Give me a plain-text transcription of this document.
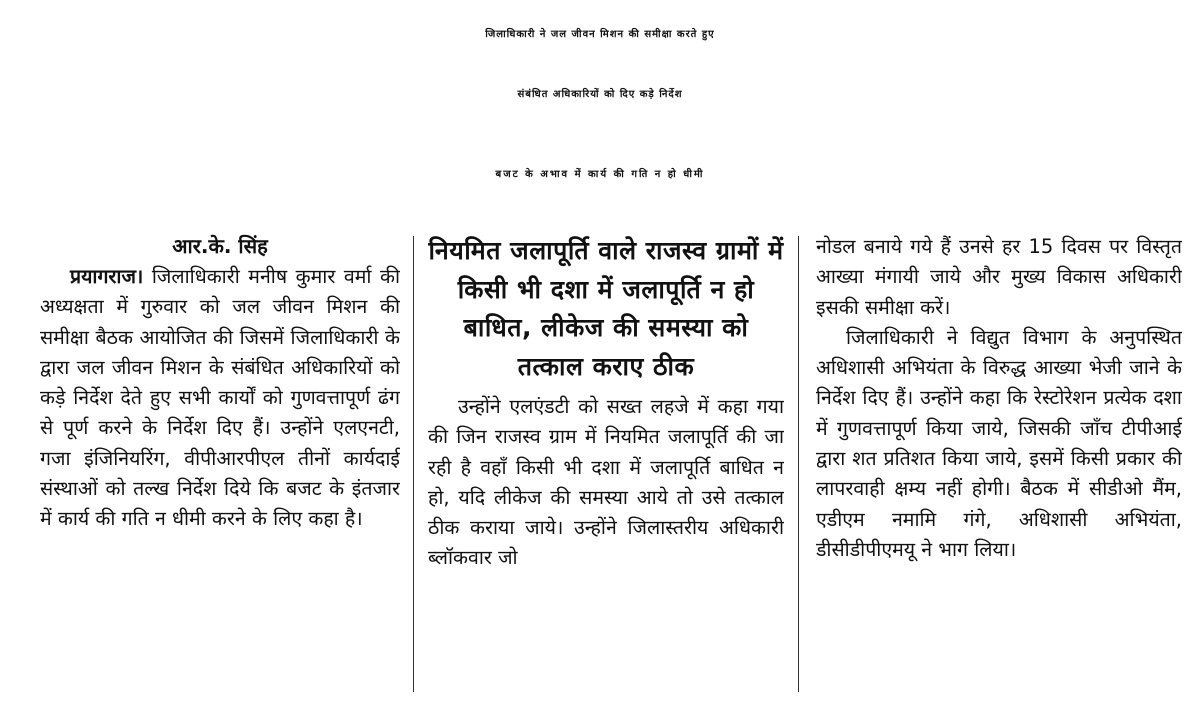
जिलाधिकारी ने जल जीवन मिशन की समीक्षा करते हुए
संबंधित अधिकारियों को दिए कड़े निर्देश
बजट के अभाव में कार्य की गति न हो धीमी
आर.के. सिंह

प्रयागराज। जिलाधिकारी मनीष कुमार वर्मा की अध्यक्षता में गुरुवार को जल जीवन मिशन की समीक्षा बैठक आयोजित की जिसमें जिलाधिकारी के द्वारा जल जीवन मिशन के संबंधित अधिकारियों को कड़े निर्देश देते हुए सभी कार्यों को गुणवत्तापूर्ण ढंग से पूर्ण करने के निर्देश दिए हैं। उन्होंने एलएनटी, गजा इंजिनियरिंग, वीपीआरपीएल तीनों कार्यदाई संस्थाओं को तल्ख निर्देश दिये कि बजट के इंतजार में कार्य की गति न धीमी करने के लिए कहा है।

नियमित जलापूर्ति वाले राजस्व ग्रामों में किसी भी दशा में जलापूर्ति न हो बाधित, लीकेज की समस्या को तत्काल कराए ठीक

उन्होंने एलएंडटी को सख्त लहजे में कहा गया की जिन राजस्व ग्राम में नियमित जलापूर्ति की जा रही है वहाँ किसी भी दशा में जलापूर्ति बाधित न हो, यदि लीकेज की समस्या आये तो उसे तत्काल ठीक कराया जाये। उन्होंने जिलास्तरीय अधिकारी ब्लॉकवार जो

नोडल बनाये गये हैं उनसे हर 15 दिवस पर विस्तृत आख्या मंगायी जाये और मुख्य विकास अधिकारी इसकी समीक्षा करें।

जिलाधिकारी ने विद्युत विभाग के अनुपस्थित अधिशासी अभियंता के विरुद्ध आख्या भेजी जाने के निर्देश दिए हैं। उन्होंने कहा कि रेस्टोरेशन प्रत्येक दशा में गुणवत्तापूर्ण किया जाये, जिसकी जाँच टीपीआई द्वारा शत प्रतिशत किया जाये, इसमें किसी प्रकार की लापरवाही क्षम्य नहीं होगी। बैठक में सीडीओ मैंम, एडीएम नमामि गंगे, अधिशासी अभियंता, डीसीडीपीएमयू ने भाग लिया।
